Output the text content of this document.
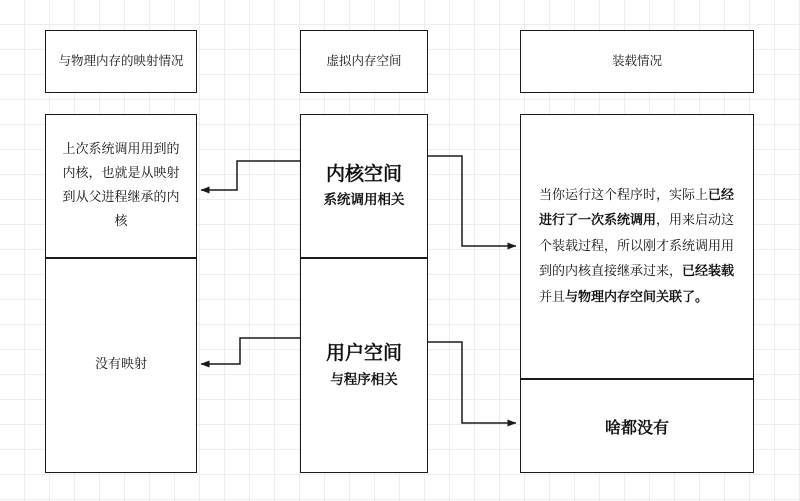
与物理内存的映射情况	虚拟内存空间	装载情况
上次系统调用用到的内核，也就是从映射到从父进程继承的内核
没有映射
内核空间
系统调用相关
用户空间
与程序相关
当你运行这个程序时，实际上已经进行了一次系统调用，用来启动这个装载过程，所以刚才系统调用用到的内核直接继承过来，已经装载并且与物理内存空间关联了。
啥都没有
